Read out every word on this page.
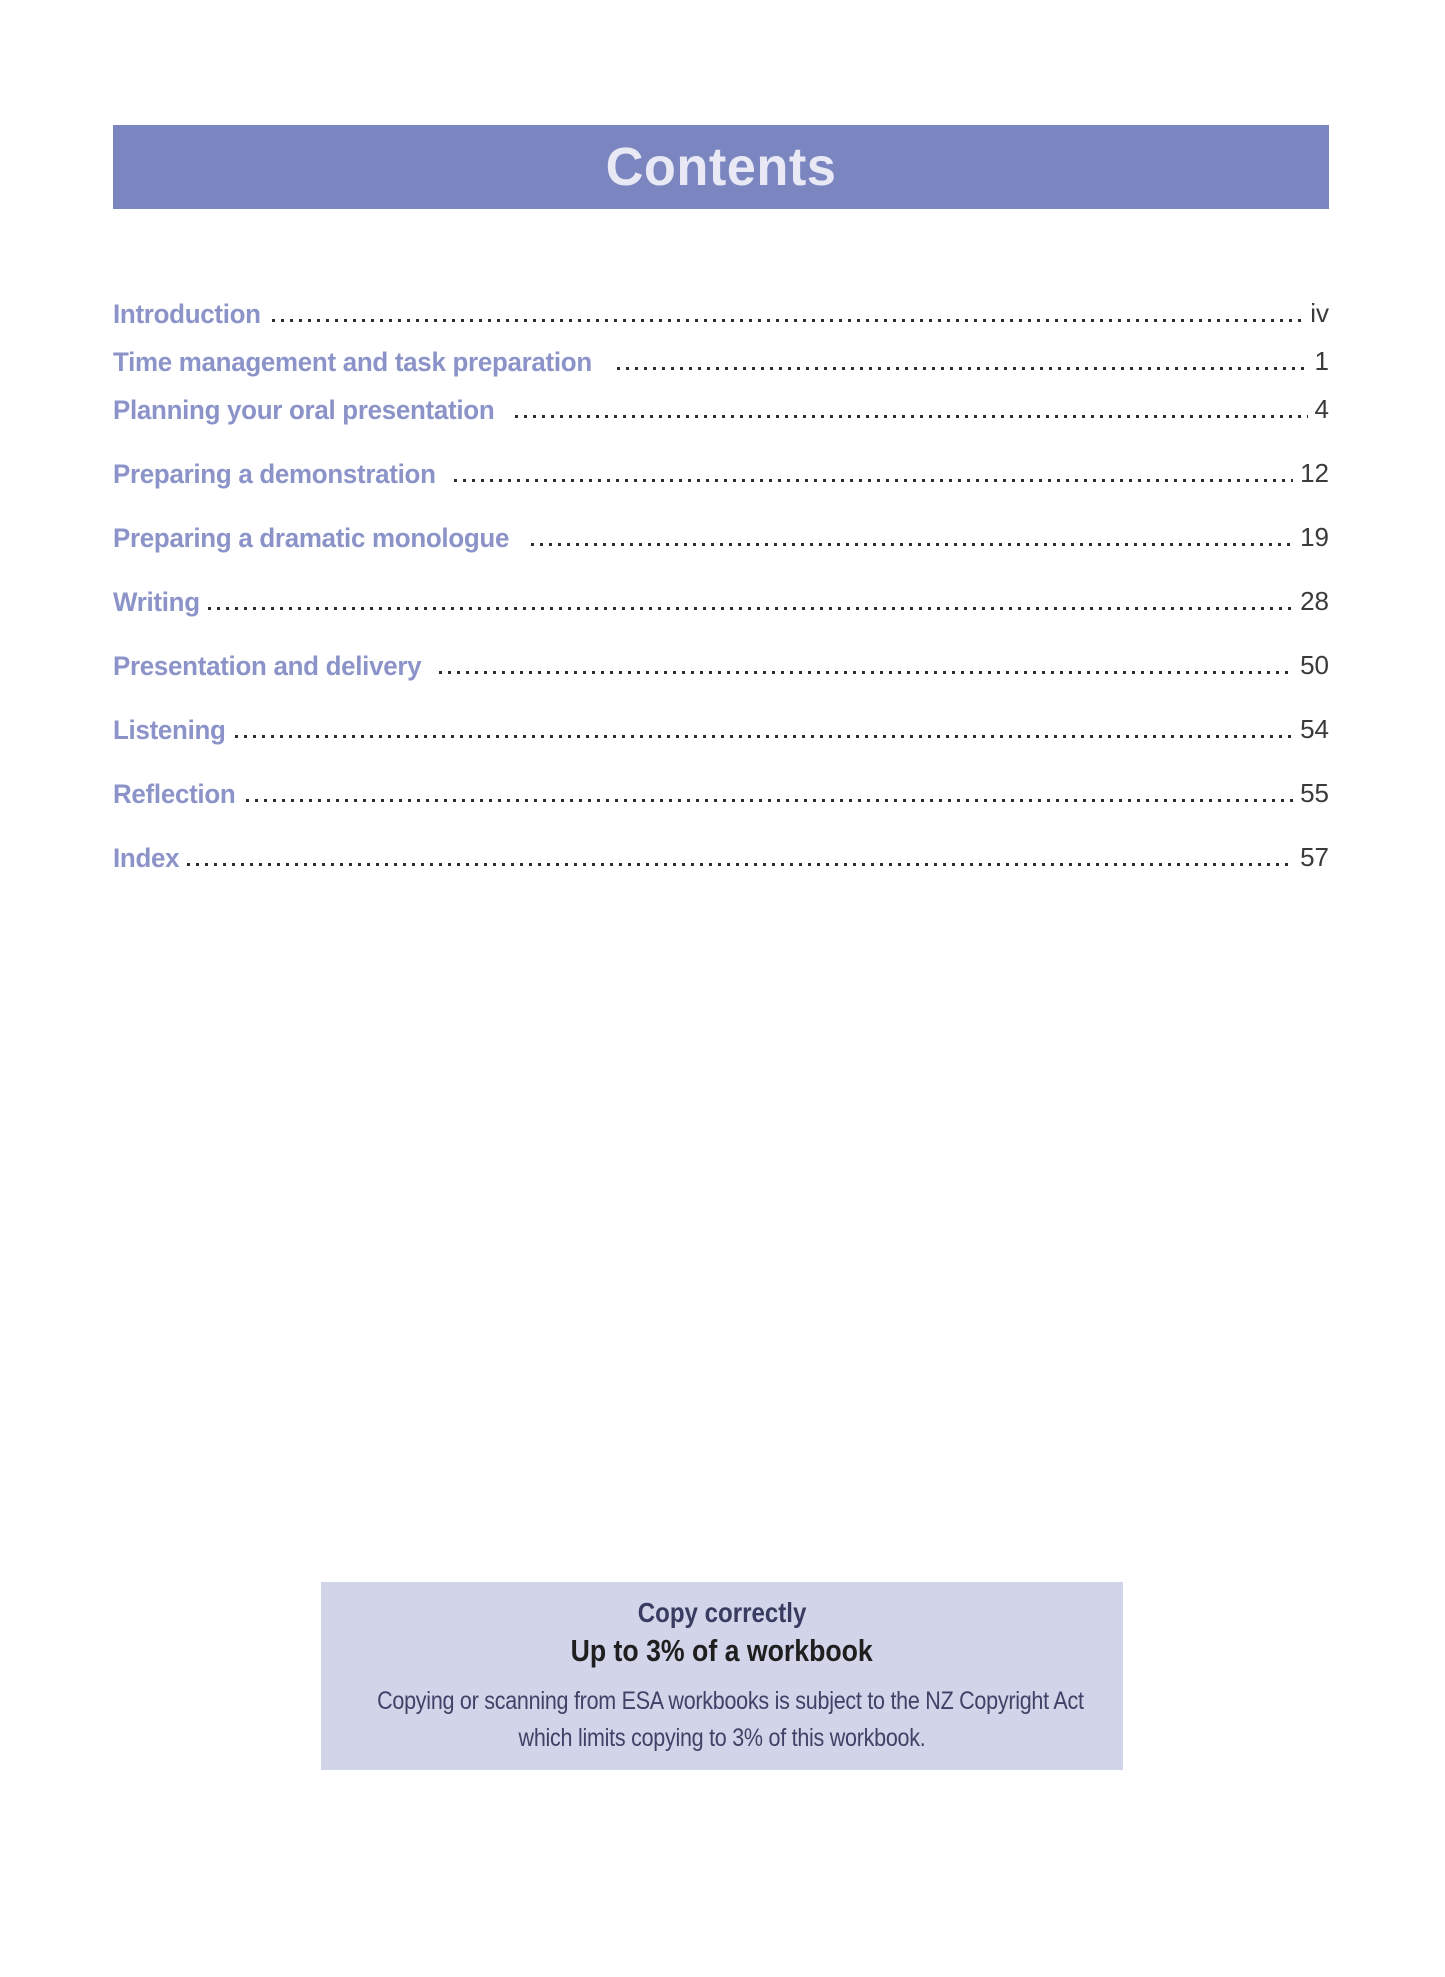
Contents
Introduction	iv
Time management and task preparation	1
Planning your oral presentation	4
Preparing a demonstration	12
Preparing a dramatic monologue	19
Writing	28
Presentation and delivery	50
Listening	54
Reflection	55
Index	57
Copy correctly
Up to 3% of a workbook
Copying or scanning from ESA workbooks is subject to the NZ Copyright Act
which limits copying to 3% of this workbook.
